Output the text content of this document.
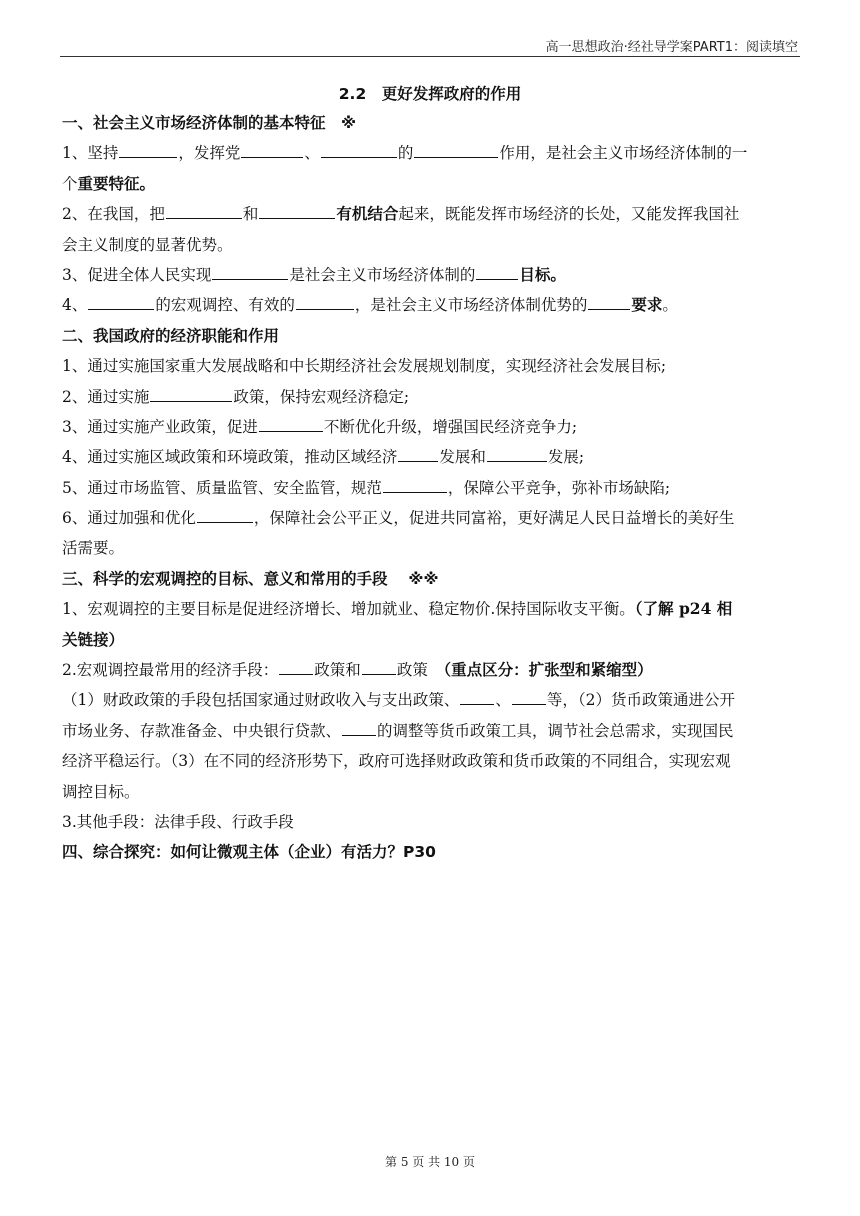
高一思想政治·经社导学案PART1：阅读填空
2.2　更好发挥政府的作用
一、社会主义市场经济体制的基本特征　※
1、坚持	，发挥党	、	的	作用，是社会主义市场经济体制的一
个重要特征。
2、在我国，把	和	有机结合起来，既能发挥市场经济的长处，又能发挥我国社
会主义制度的显著优势。
3、促进全体人民实现	是社会主义市场经济体制的	目标。
4、	的宏观调控、有效的	，是社会主义市场经济体制优势的	要求。
二、我国政府的经济职能和作用
1、通过实施国家重大发展战略和中长期经济社会发展规划制度，实现经济社会发展目标;
2、通过实施	政策，保持宏观经济稳定;
3、通过实施产业政策，促进	不断优化升级，增强国民经济竞争力;
4、通过实施区域政策和环境政策，推动区域经济	发展和	发展;
5、通过市场监管、质量监管、安全监管，规范	，保障公平竞争，弥补市场缺陷;
6、通过加强和优化	，保障社会公平正义，促进共同富裕，更好满足人民日益增长的美好生
活需要。
三、科学的宏观调控的目标、意义和常用的手段　 ※※
1、宏观调控的主要目标是促进经济增长、增加就业、稳定物价.保持国际收支平衡。（了解 p24 相
关链接）
2.宏观调控最常用的经济手段： 政策和 政策　（重点区分：扩张型和紧缩型）
（1）财政政策的手段包括国家通过财政收入与支出政策、 、 等，（2）货币政策通进公开
市场业务、存款准备金、中央银行贷款、 的调整等货币政策工具，调节社会总需求，实现国民
经济平稳运行。（3）在不同的经济形势下，政府可选择财政政策和货币政策的不同组合，实现宏观
调控目标。
3.其他手段：法律手段、行政手段
四、综合探究：如何让微观主体（企业）有活力？P30
第 5 页 共 10 页
